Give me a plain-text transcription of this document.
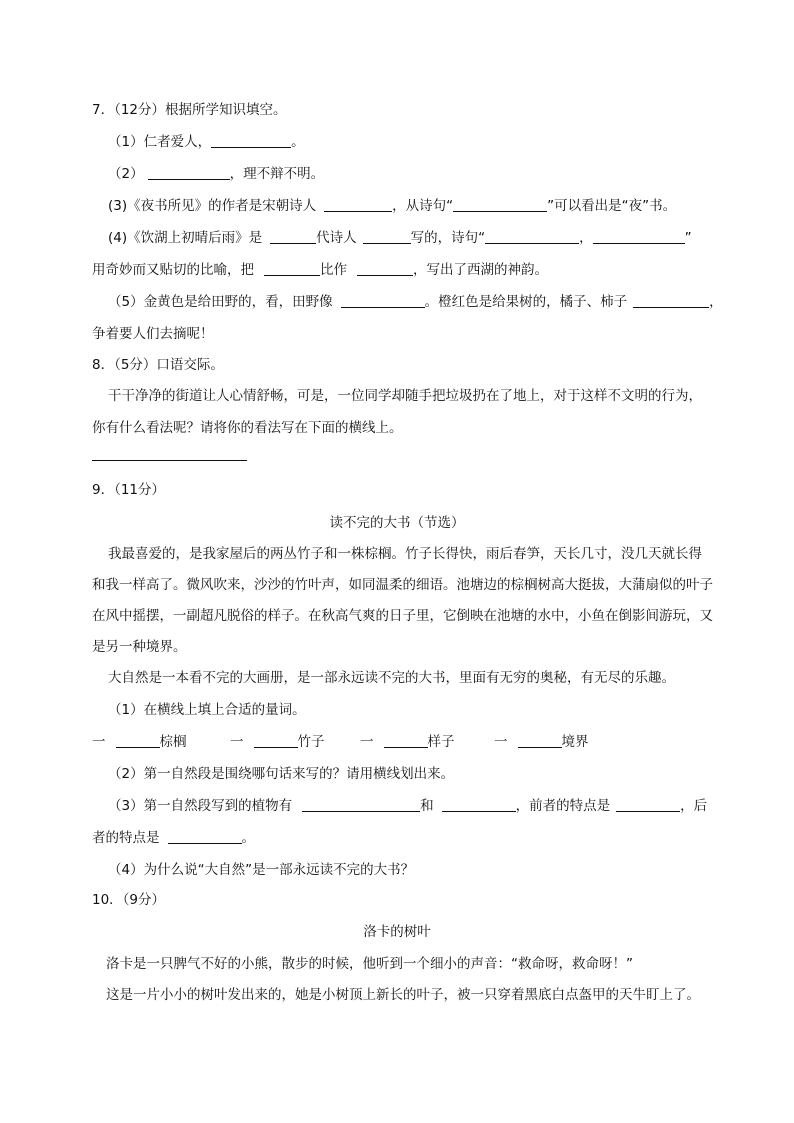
7．（12分）根据所学知识填空。
（1）仁者爱人，	。
（2）	，理不辩不明。
(3)《夜书所见》的作者是宋朝诗人	，从诗句“	”可以看出是“夜”书。
(4)《饮湖上初晴后雨》是	代诗人	写的，诗句“	，	”
用奇妙而又贴切的比喻，把	比作	，写出了西湖的神韵。
（5）金黄色是给田野的，看，田野像	。橙红色是给果树的，橘子、柿子	，
争着要人们去摘呢！
8．（5分）口语交际。
干干净净的街道让人心情舒畅，可是，一位同学却随手把垃圾扔在了地上，对于这样不文明的行为，
你有什么看法呢？请将你的看法写在下面的横线上。
9．（11分）
读不完的大书（节选）
我最喜爱的，是我家屋后的两丛竹子和一株棕榈。竹子长得快，雨后春笋，天长几寸，没几天就长得
和我一样高了。微风吹来，沙沙的竹叶声，如同温柔的细语。池塘边的棕榈树高大挺拔，大蒲扇似的叶子
在风中摇摆，一副超凡脱俗的样子。在秋高气爽的日子里，它倒映在池塘的水中，小鱼在倒影间游玩，又
是另一种境界。
大自然是一本看不完的大画册，是一部永远读不完的大书，里面有无穷的奥秘，有无尽的乐趣。
（1）在横线上填上合适的量词。
一	棕榈	一	竹子	一	样子	一	境界
（2）第一自然段是围绕哪句话来写的？请用横线划出来。
（3）第一自然段写到的植物有	和	，前者的特点是	，后
者的特点是	。
（4）为什么说“大自然”是一部永远读不完的大书？
10．（9分）
洛卡的树叶
洛卡是一只脾气不好的小熊，散步的时候，他听到一个细小的声音：“救命呀，救命呀！”
这是一片小小的树叶发出来的，她是小树顶上新长的叶子，被一只穿着黑底白点盔甲的天牛盯上了。
